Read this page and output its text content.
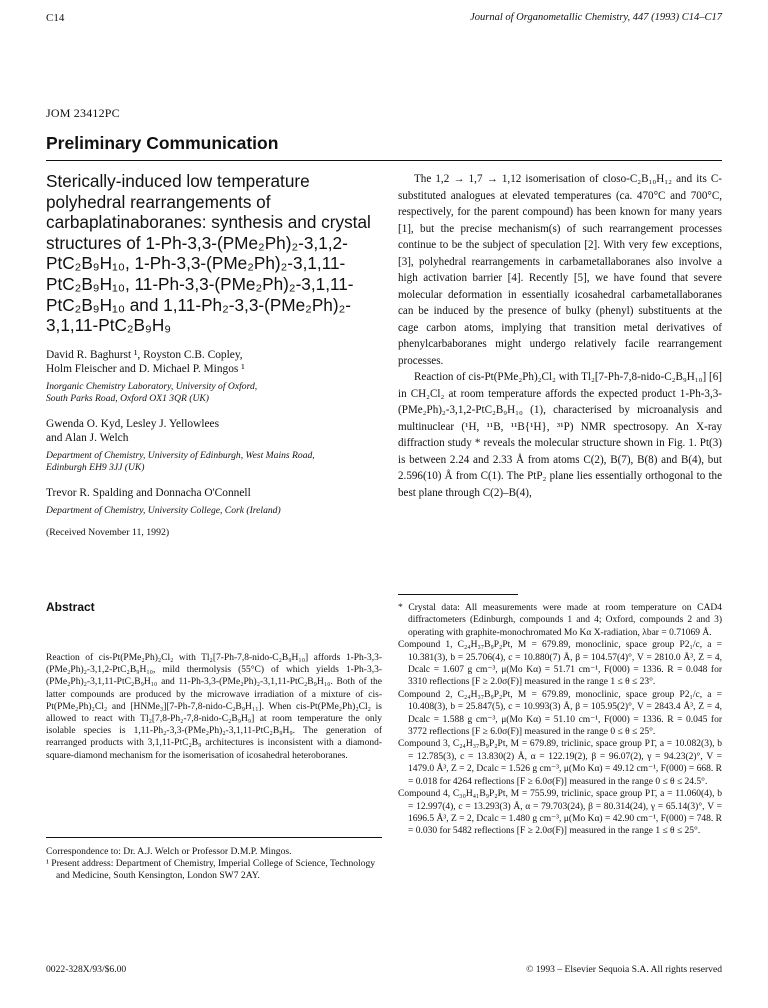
C14	Journal of Organometallic Chemistry, 447 (1993) C14–C17
JOM 23412PC
Preliminary Communication
Sterically-induced low temperature
polyhedral rearrangements of
carbaplatinaboranes: synthesis and crystal
structures of 1-Ph-3,3-(PMe₂Ph)₂-3,1,2-
PtC₂B₉H₁₀, 1-Ph-3,3-(PMe₂Ph)₂-3,1,11-
PtC₂B₉H₁₀, 11-Ph-3,3-(PMe₂Ph)₂-3,1,11-
PtC₂B₉H₁₀ and 1,11-Ph₂-3,3-(PMe₂Ph)₂-
3,1,11-PtC₂B₉H₉
David R. Baghurst ¹, Royston C.B. Copley,
Holm Fleischer and D. Michael P. Mingos ¹
Inorganic Chemistry Laboratory, University of Oxford,
South Parks Road, Oxford OX1 3QR (UK)
Gwenda O. Kyd, Lesley J. Yellowlees
and Alan J. Welch
Department of Chemistry, University of Edinburgh, West Mains Road,
Edinburgh EH9 3JJ (UK)
Trevor R. Spalding and Donnacha O'Connell
Department of Chemistry, University College, Cork (Ireland)
(Received November 11, 1992)
Abstract
Reaction of cis-Pt(PMe₂Ph)₂Cl₂ with Tl₂[7-Ph-7,8-nido-C₂B₉H₁₀] affords 1-Ph-3,3-(PMe₂Ph)₂-3,1,2-PtC₂B₉H₁₀, mild thermolysis (55°C) of which yields 1-Ph-3,3-(PMe₂Ph)₂-3,1,11-PtC₂B₉H₁₀ and 11-Ph-3,3-(PMe₂Ph)₂-3,1,11-PtC₂B₉H₁₀. Both of the latter compounds are produced by the microwave irradiation of a mixture of cis-Pt(PMe₂Ph)₂Cl₂ and [HNMe₃][7-Ph-7,8-nido-C₂B₉H₁₁]. When cis-Pt(PMe₂Ph)₂Cl₂ is allowed to react with Tl₂[7,8-Ph₂-7,8-nido-C₂B₉H₉] at room temperature the only isolable species is 1,11-Ph₂-3,3-(PMe₂Ph)₂-3,1,11-PtC₂B₉H₉. The generation of rearranged products with 3,1,11-PtC₂B₉ architectures is inconsistent with a diamond-square-diamond mechanism for the isomerisation of icosahedral heteroboranes.

Correspondence to: Dr. A.J. Welch or Professor D.M.P. Mingos.

¹ Present address: Department of Chemistry, Imperial College of Science, Technology and Medicine, South Kensington, London SW7 2AY.

0022-328X/93/$6.00

The 1,2 → 1,7 → 1,12 isomerisation of closo-C₂B₁₀H₁₂ and its C-substituted analogues at elevated temperatures (ca. 470°C and 700°C, respectively, for the parent compound) has been known for many years [1], but the precise mechanism(s) of such rearrangement processes continue to be the subject of speculation [2]. With very few exceptions, [3], polyhedral rearrangements in carbametallaboranes also involve a high activation barrier [4]. Recently [5], we have found that severe molecular deformation in essentially icosahedral carbametallaboranes can be induced by the presence of bulky (phenyl) substituents at the cage carbon atoms, implying that transition metal derivatives of phenylcarbaboranes might undergo relatively facile rearrangement processes.

Reaction of cis-Pt(PMe₂Ph)₂Cl₂ with Tl₂[7-Ph-7,8-nido-C₂B₉H₁₀] [6] in CH₂Cl₂ at room temperature affords the expected product 1-Ph-3,3-(PMe₂Ph)₂-3,1,2-PtC₂B₉H₁₀ (1), characterised by microanalysis and multinuclear (¹H, ¹¹B, ¹¹B{¹H}, ³¹P) NMR spectrosopy. An X-ray diffraction study * reveals the molecular structure shown in Fig. 1. Pt(3) is between 2.24 and 2.33 Å from atoms C(2), B(7), B(8) and B(4), but 2.596(10) Å from C(1). The PtP₂ plane lies essentially orthogonal to the best plane through C(2)–B(4),

* Crystal data: All measurements were made at room temperature on CAD4 diffractometers (Edinburgh, compounds 1 and 4; Oxford, compounds 2 and 3) operating with graphite-monochromated Mo Kα X-radiation, λbar = 0.71069 Å.

Compound 1, C₂₄H₃₇B₉P₂Pt, M = 679.89, monoclinic, space group P2₁/c, a = 10.381(3), b = 25.706(4), c = 10.880(7) Å, β = 104.57(4)°, V = 2810.0 Å³, Z = 4, Dcalc = 1.607 g cm⁻³, μ(Mo Kα) = 51.71 cm⁻¹, F(000) = 1336. R = 0.048 for 3310 reflections [F ≥ 2.0σ(F)] measured in the range 1 ≤ θ ≤ 23°.

Compound 2, C₂₄H₃₇B₉P₂Pt, M = 679.89, monoclinic, space group P2₁/c, a = 10.408(3), b = 25.847(5), c = 10.993(3) Å, β = 105.95(2)°, V = 2843.4 Å³, Z = 4, Dcalc = 1.588 g cm⁻³, μ(Mo Kα) = 51.10 cm⁻¹, F(000) = 1336. R = 0.045 for 3772 reflections [F ≥ 6.0σ(F)] measured in the range 0 ≤ θ ≤ 25°.

Compound 3, C₂₄H₃₇B₉P₂Pt, M = 679.89, triclinic, space group P1̄, a = 10.082(3), b = 12.785(3), c = 13.830(2) Å, α = 122.19(2), β = 96.07(2), γ = 94.23(2)°, V = 1479.0 Å³, Z = 2, Dcalc = 1.526 g cm⁻³, μ(Mo Kα) = 49.12 cm⁻¹, F(000) = 668. R = 0.018 for 4264 reflections [F ≥ 6.0σ(F)] measured in the range 0 ≤ θ ≤ 24.5°.

Compound 4, C₃₀H₄₁B₉P₂Pt, M = 755.99, triclinic, space group P1̄, a = 11.060(4), b = 12.997(4), c = 13.293(3) Å, α = 79.703(24), β = 80.314(24), γ = 65.14(3)°, V = 1696.5 Å³, Z = 2, Dcalc = 1.480 g cm⁻³, μ(Mo Kα) = 42.90 cm⁻¹, F(000) = 748. R = 0.030 for 5482 reflections [F ≥ 2.0σ(F)] measured in the range 1 ≤ θ ≤ 25°.

© 1993 – Elsevier Sequoia S.A. All rights reserved
